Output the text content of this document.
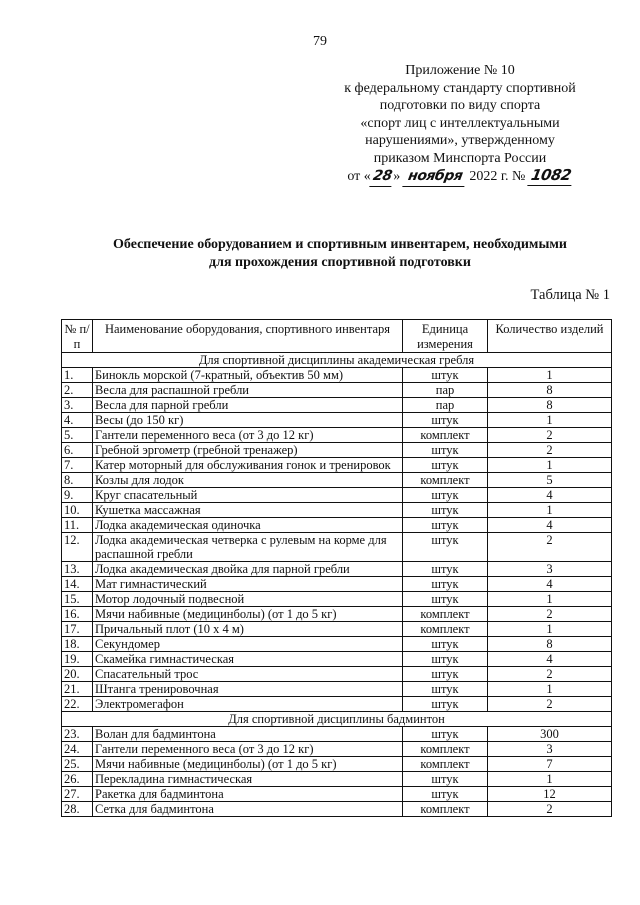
79
Приложение № 10
к федеральному стандарту спортивной
подготовки по виду спорта
«спорт лиц с интеллектуальными
нарушениями», утвержденному
приказом Минспорта России
от «28» ноября 2022 г. № 1082
Обеспечение оборудованием и спортивным инвентарем, необходимыми
для прохождения спортивной подготовки
Таблица № 1
№ п/п	Наименование оборудования, спортивного инвентаря	Единица измерения	Количество изделий
Для спортивной дисциплины академическая гребля			
1.	Бинокль морской (7-кратный, объектив 50 мм)	штук	1
2.	Весла для распашной гребли	пар	8
3.	Весла для парной гребли	пар	8
4.	Весы (до 150 кг)	штук	1
5.	Гантели переменного веса (от 3 до 12 кг)	комплект	2
6.	Гребной эргометр (гребной тренажер)	штук	2
7.	Катер моторный для обслуживания гонок и тренировок	штук	1
8.	Козлы для лодок	комплект	5
9.	Круг спасательный	штук	4
10.	Кушетка массажная	штук	1
11.	Лодка академическая одиночка	штук	4
12.	Лодка академическая четверка с рулевым на корме для распашной гребли	штук	2
13.	Лодка академическая двойка для парной гребли	штук	3
14.	Мат гимнастический	штук	4
15.	Мотор лодочный подвесной	штук	1
16.	Мячи набивные (медицинболы) (от 1 до 5 кг)	комплект	2
17.	Причальный плот (10 х 4 м)	комплект	1
18.	Секундомер	штук	8
19.	Скамейка гимнастическая	штук	4
20.	Спасательный трос	штук	2
21.	Штанга тренировочная	штук	1
22.	Электромегафон	штук	2
Для спортивной дисциплины бадминтон			
23.	Волан для бадминтона	штук	300
24.	Гантели переменного веса (от 3 до 12 кг)	комплект	3
25.	Мячи набивные (медицинболы) (от 1 до 5 кг)	комплект	7
26.	Перекладина гимнастическая	штук	1
27.	Ракетка для бадминтона	штук	12
28.	Сетка для бадминтона	комплект	2
